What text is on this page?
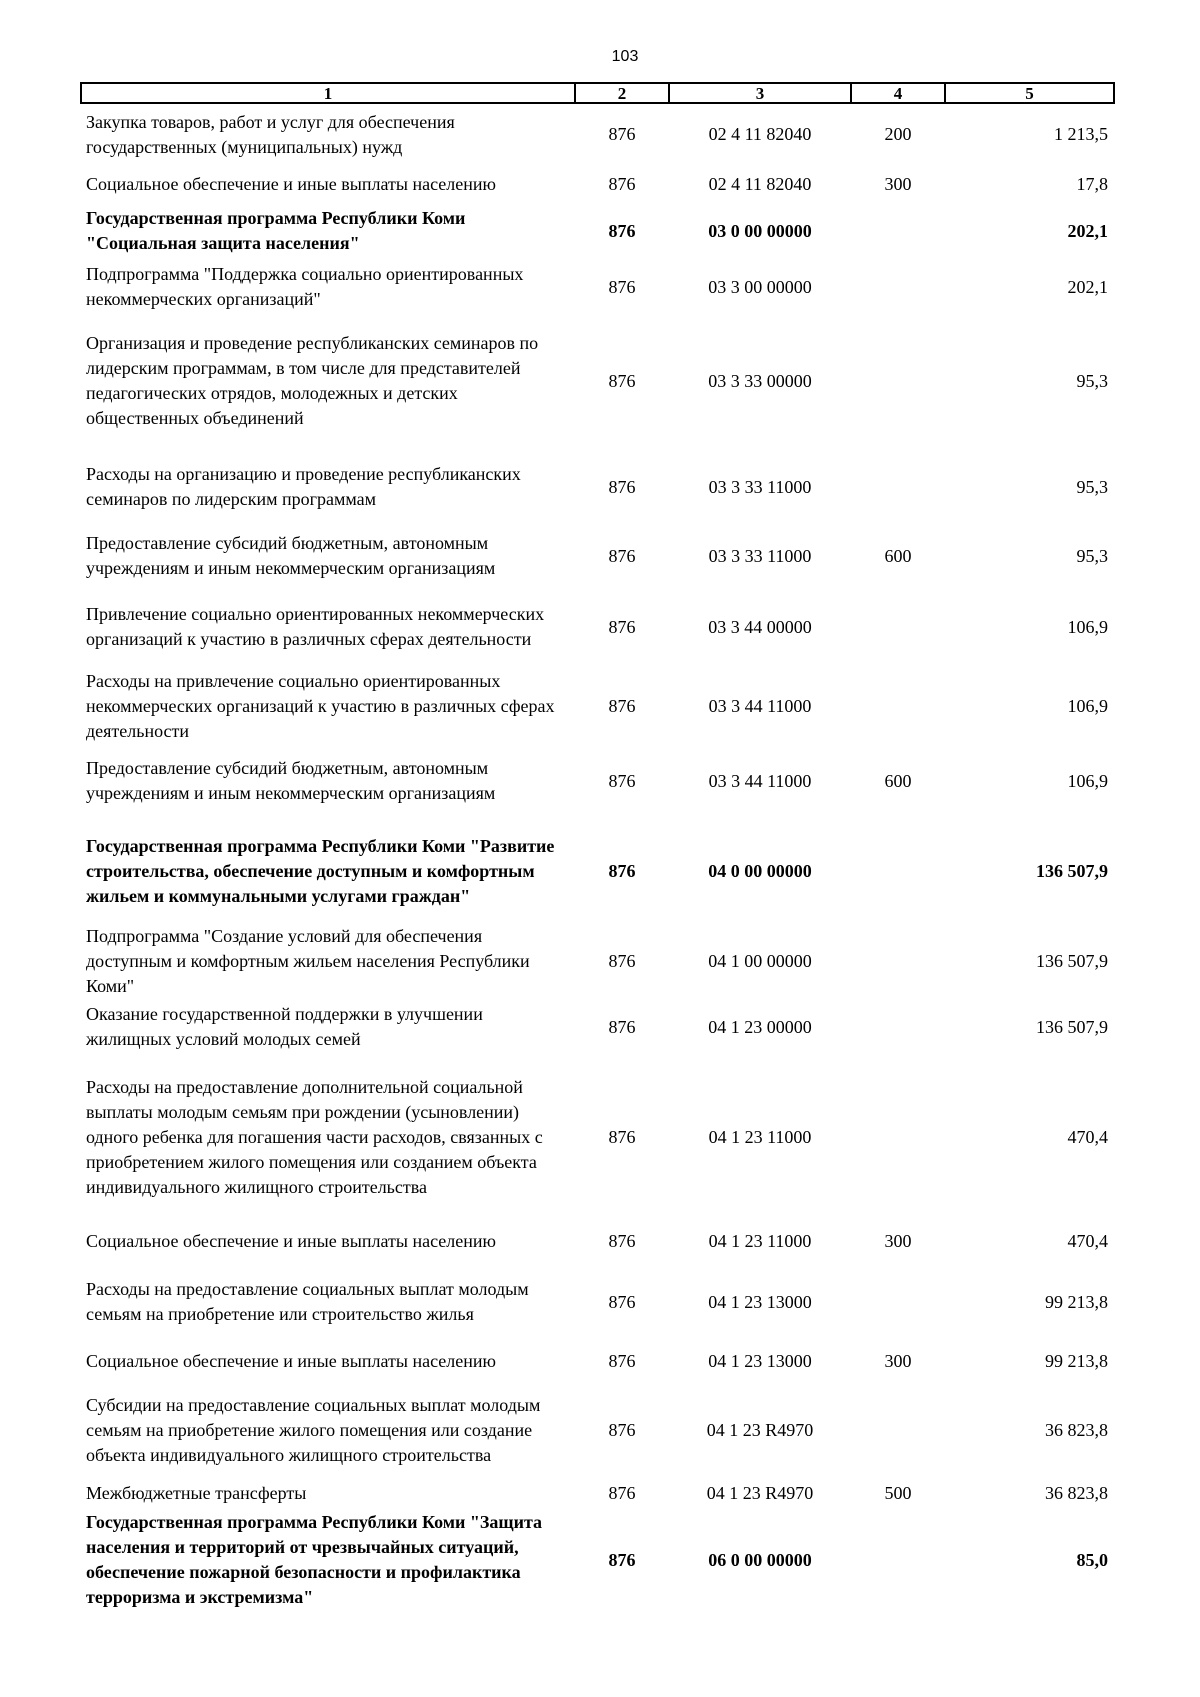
103
1	2	3	4	5
Закупка товаров, работ и услуг для обеспечения государственных (муниципальных) нужд	876	02 4 11 82040	200	1 213,5
Социальное обеспечение и иные выплаты населению	876	02 4 11 82040	300	17,8
Государственная программа Республики Коми "Социальная защита населения"	876	03 0 00 00000		202,1
Подпрограмма "Поддержка социально ориентированных некоммерческих организаций"	876	03 3 00 00000		202,1
Организация и проведение республиканских семинаров по лидерским программам, в том числе для представителей педагогических отрядов, молодежных и детских общественных объединений	876	03 3 33 00000		95,3
Расходы на организацию и проведение республиканских семинаров по лидерским программам	876	03 3 33 11000		95,3
Предоставление субсидий бюджетным, автономным учреждениям и иным некоммерческим организациям	876	03 3 33 11000	600	95,3
Привлечение социально ориентированных некоммерческих организаций к участию в различных сферах деятельности	876	03 3 44 00000		106,9
Расходы на привлечение социально ориентированных некоммерческих организаций к участию в различных сферах деятельности	876	03 3 44 11000		106,9
Предоставление субсидий бюджетным, автономным учреждениям и иным некоммерческим организациям	876	03 3 44 11000	600	106,9
Государственная программа Республики Коми "Развитие строительства, обеспечение доступным и комфортным жильем и коммунальными услугами граждан"	876	04 0 00 00000		136 507,9
Подпрограмма "Создание условий для обеспечения доступным и комфортным жильем населения Республики Коми"	876	04 1 00 00000		136 507,9
Оказание государственной поддержки в улучшении жилищных условий молодых семей	876	04 1 23 00000		136 507,9
Расходы на предоставление дополнительной социальной выплаты молодым семьям при рождении (усыновлении) одного ребенка для погашения части расходов, связанных с приобретением жилого помещения или созданием объекта индивидуального жилищного строительства	876	04 1 23 11000		470,4
Социальное обеспечение и иные выплаты населению	876	04 1 23 11000	300	470,4
Расходы на предоставление социальных выплат молодым семьям на приобретение или строительство жилья	876	04 1 23 13000		99 213,8
Социальное обеспечение и иные выплаты населению	876	04 1 23 13000	300	99 213,8
Субсидии на предоставление социальных выплат молодым семьям на приобретение жилого помещения или создание объекта индивидуального жилищного строительства	876	04 1 23 R4970		36 823,8
Межбюджетные трансферты	876	04 1 23 R4970	500	36 823,8
Государственная программа Республики Коми "Защита населения и территорий от чрезвычайных ситуаций, обеспечение пожарной безопасности и профилактика терроризма и экстремизма"	876	06 0 00 00000		85,0
